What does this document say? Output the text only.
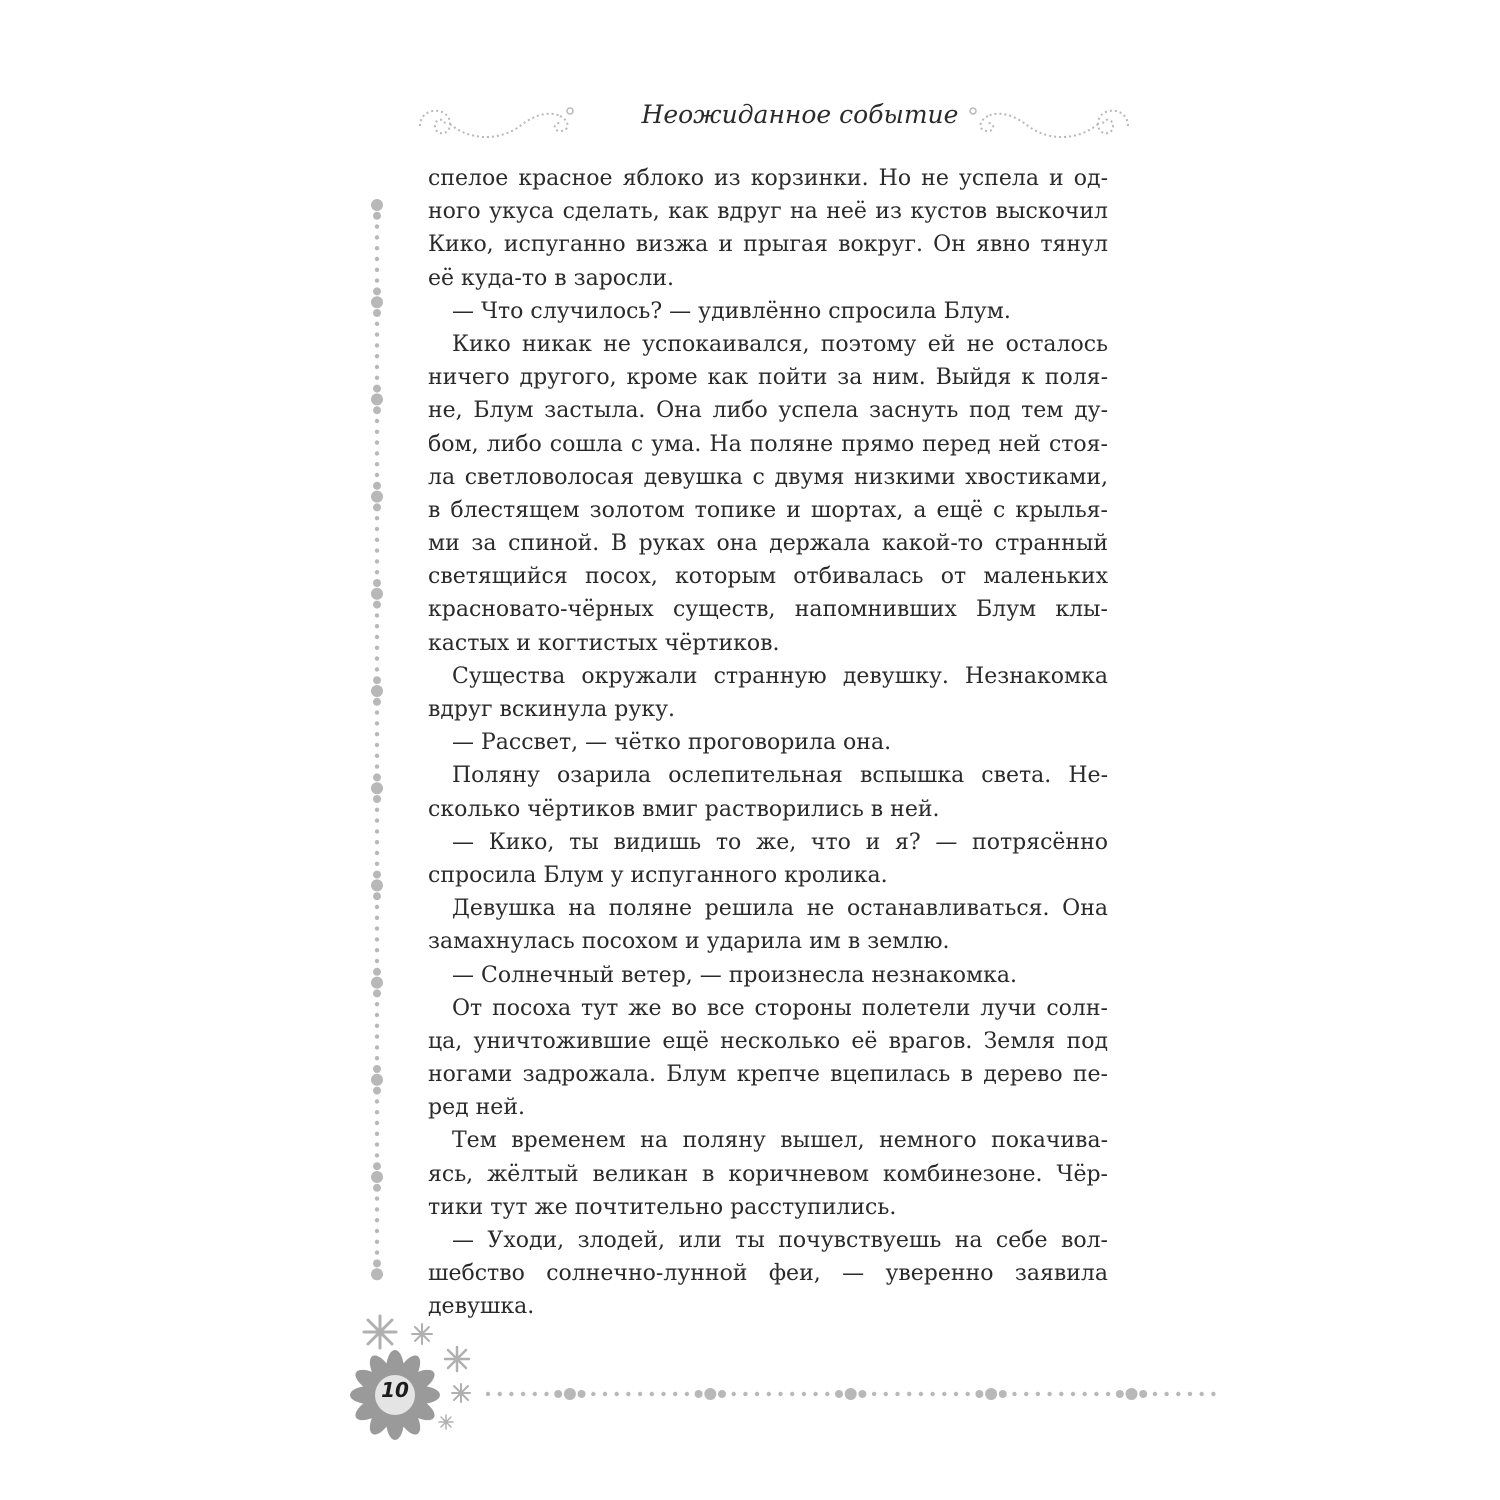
Неожиданное событие
спелое красное яблоко из корзинки. Но не успела и од-
ного укуса сделать, как вдруг на неё из кустов выскочил
Кико, испуганно визжа и прыгая вокруг. Он явно тянул
её куда-то в заросли.
— Что случилось? — удивлённо спросила Блум.
Кико никак не успокаивался, поэтому ей не осталось
ничего другого, кроме как пойти за ним. Выйдя к поля-
не, Блум застыла. Она либо успела заснуть под тем ду-
бом, либо сошла с ума. На поляне прямо перед ней стоя-
ла светловолосая девушка с двумя низкими хвостиками,
в блестящем золотом топике и шортах, а ещё с крылья-
ми за спиной. В руках она держала какой-то странный
светящийся посох, которым отбивалась от маленьких
красновато-чёрных существ, напомнивших Блум клы-
кастых и когтистых чёртиков.
Существа окружали странную девушку. Незнакомка
вдруг вскинула руку.
— Рассвет, — чётко проговорила она.
Поляну озарила ослепительная вспышка света. Не-
сколько чёртиков вмиг растворились в ней.
— Кико, ты видишь то же, что и я? — потрясённо
спросила Блум у испуганного кролика.
Девушка на поляне решила не останавливаться. Она
замахнулась посохом и ударила им в землю.
— Солнечный ветер, — произнесла незнакомка.
От посоха тут же во все стороны полетели лучи солн-
ца, уничтожившие ещё несколько её врагов. Земля под
ногами задрожала. Блум крепче вцепилась в дерево пе-
ред ней.
Тем временем на поляну вышел, немного покачива-
ясь, жёлтый великан в коричневом комбинезоне. Чёр-
тики тут же почтительно расступились.
— Уходи, злодей, или ты почувствуешь на себе вол-
шебство солнечно-лунной феи, — уверенно заявила
девушка.
10
